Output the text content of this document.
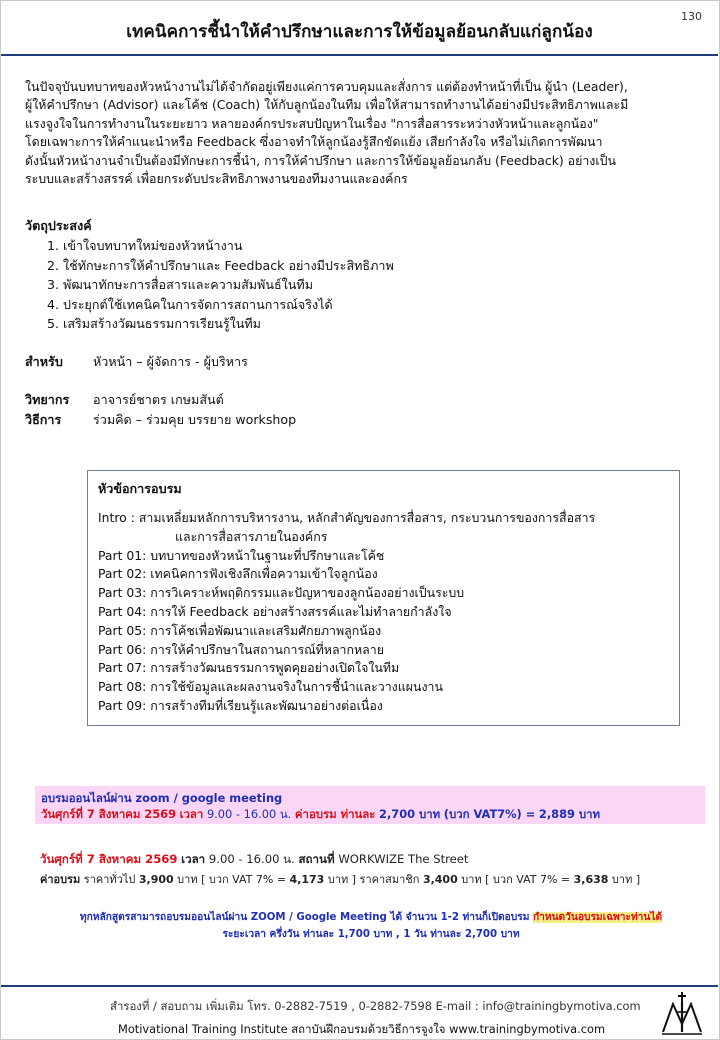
เทคนิคการชี้นำให้คำปรึกษาและการให้ข้อมูลย้อนกลับแก่ลูกน้อง
130

ในปัจจุบันบทบาทของหัวหน้างานไม่ได้จำกัดอยู่เพียงแค่การควบคุมและสั่งการ แต่ต้องทำหน้าที่เป็น ผู้นำ (Leader),

ผู้ให้คำปรึกษา (Advisor) และโค้ช (Coach) ให้กับลูกน้องในทีม เพื่อให้สามารถทำงานได้อย่างมีประสิทธิภาพและมี

แรงจูงใจในการทำงานในระยะยาว หลายองค์กรประสบปัญหาในเรื่อง "การสื่อสารระหว่างหัวหน้าและลูกน้อง"

โดยเฉพาะการให้คำแนะนำหรือ Feedback ซึ่งอาจทำให้ลูกน้องรู้สึกขัดแย้ง เสียกำลังใจ หรือไม่เกิดการพัฒนา

ดังนั้นหัวหน้างานจำเป็นต้องมีทักษะการชี้นำ, การให้คำปรึกษา และการให้ข้อมูลย้อนกลับ (Feedback) อย่างเป็น

ระบบและสร้างสรรค์ เพื่อยกระดับประสิทธิภาพงานของทีมงานและองค์กร

วัตถุประสงค์
1. เข้าใจบทบาทใหม่ของหัวหน้างาน
2. ใช้ทักษะการให้คำปรึกษาและ Feedback อย่างมีประสิทธิภาพ
3. พัฒนาทักษะการสื่อสารและความสัมพันธ์ในทีม
4. ประยุกต์ใช้เทคนิคในการจัดการสถานการณ์จริงได้
5. เสริมสร้างวัฒนธรรมการเรียนรู้ในทีม
สำหรับ หัวหน้า – ผู้จัดการ - ผู้บริหาร
วิทยากร อาจารย์ชาตร เกษมสันต์
วิธีการ	ร่วมคิด – ร่วมคุย บรรยาย workshop
หัวข้อการอบรม
Intro : สามเหลี่ยมหลักการบริหารงาน, หลักสำคัญของการสื่อสาร, กระบวนการของการสื่อสาร
และการสื่อสารภายในองค์กร
Part 01: บทบาทของหัวหน้าในฐานะที่ปรึกษาและโค้ช
Part 02: เทคนิคการฟังเชิงลึกเพื่อความเข้าใจลูกน้อง
Part 03: การวิเคราะห์พฤติกรรมและปัญหาของลูกน้องอย่างเป็นระบบ
Part 04: การให้ Feedback อย่างสร้างสรรค์และไม่ทำลายกำลังใจ
Part 05: การโค้ชเพื่อพัฒนาและเสริมศักยภาพลูกน้อง
Part 06: การให้คำปรึกษาในสถานการณ์ที่หลากหลาย
Part 07: การสร้างวัฒนธรรมการพูดคุยอย่างเปิดใจในทีม
Part 08: การใช้ข้อมูลและผลงานจริงในการชี้นำและวางแผนงาน
Part 09: การสร้างทีมที่เรียนรู้และพัฒนาอย่างต่อเนื่อง
อบรมออนไลน์ผ่าน zoom / google meeting
วันศุกร์ที่ 7 สิงหาคม 2569 เวลา 9.00 - 16.00 น. ค่าอบรม ท่านละ 2,700 บาท (บวก VAT7%) = 2,889 บาท
วันศุกร์ที่ 7 สิงหาคม 2569 เวลา 9.00 - 16.00 น. สถานที่ WORKWIZE The Street
ค่าอบรม ราคาทั่วไป 3,900 บาท [ บวก VAT 7% = 4,173 บาท ] ราคาสมาชิก 3,400 บาท [ บวก VAT 7% = 3,638 บาท ]
ทุกหลักสูตรสามารถอบรมออนไลน์ผ่าน ZOOM / Google Meeting ได้ จำนวน 1-2 ท่านก็เปิดอบรม กำหนดวันอบรมเฉพาะท่านได้
ระยะเวลา ครึ่งวัน ท่านละ 1,700 บาท , 1 วัน ท่านละ 2,700 บาท
สำรองที่ / สอบถาม เพิ่มเติม โทร. 0-2882-7519 , 0-2882-7598 E-mail : info@trainingbymotiva.com
Motivational Training Institute สถาบันฝึกอบรมด้วยวิธีการจูงใจ www.trainingbymotiva.com
